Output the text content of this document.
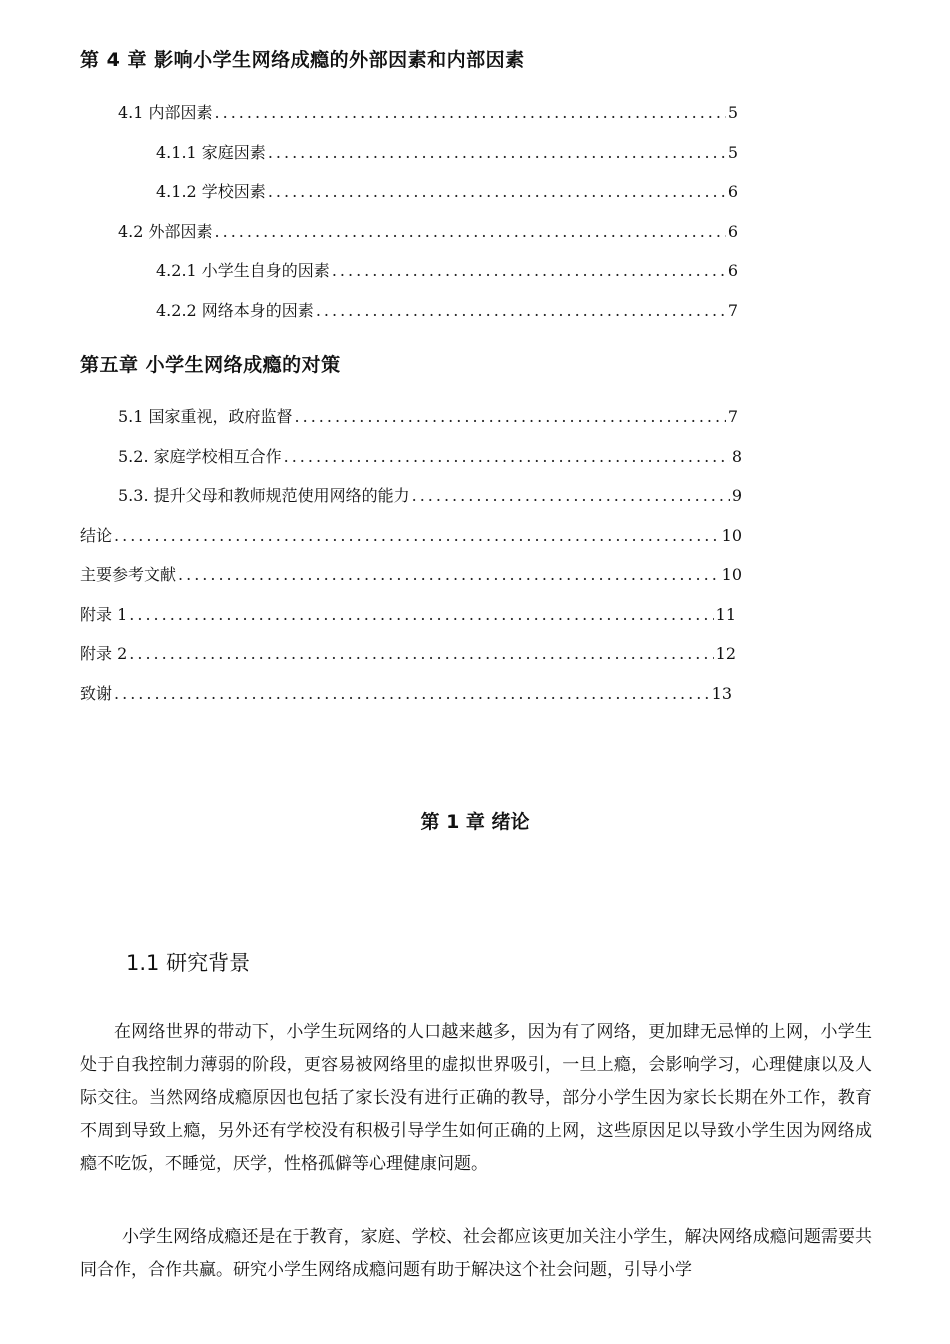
第 4 章 影响小学生网络成瘾的外部因素和内部因素
4.1 内部因素 .....	5
4.1.1 家庭因素 .....	5
4.1.2 学校因素 .....	6
4.2 外部因素 .....	6
4.2.1 小学生自身的因素 .....	6
4.2.2 网络本身的因素 .....	7
第五章 小学生网络成瘾的对策
5.1 国家重视，政府监督 .....	7
5.2. 家庭学校相互合作 .....	8
5.3. 提升父母和教师规范使用网络的能力 .....	9
结论 .....	10
主要参考文献 .....	10
附录 1 .....	11
附录 2 .....	12
致谢 .....	13
第 1 章 绪论
1.1 研究背景

在网络世界的带动下，小学生玩网络的人口越来越多，因为有了网络，更加肆无忌惮的上网，小学生处于自我控制力薄弱的阶段，更容易被网络里的虚拟世界吸引，一旦上瘾，会影响学习，心理健康以及人际交往。当然网络成瘾原因也包括了家长没有进行正确的教导，部分小学生因为家长长期在外工作，教育不周到导致上瘾，另外还有学校没有积极引导学生如何正确的上网，这些原因足以导致小学生因为网络成瘾不吃饭，不睡觉，厌学，性格孤僻等心理健康问题。

小学生网络成瘾还是在于教育，家庭、学校、社会都应该更加关注小学生，解决网络成瘾问题需要共同合作，合作共赢。研究小学生网络成瘾问题有助于解决这个社会问题，引导小学
